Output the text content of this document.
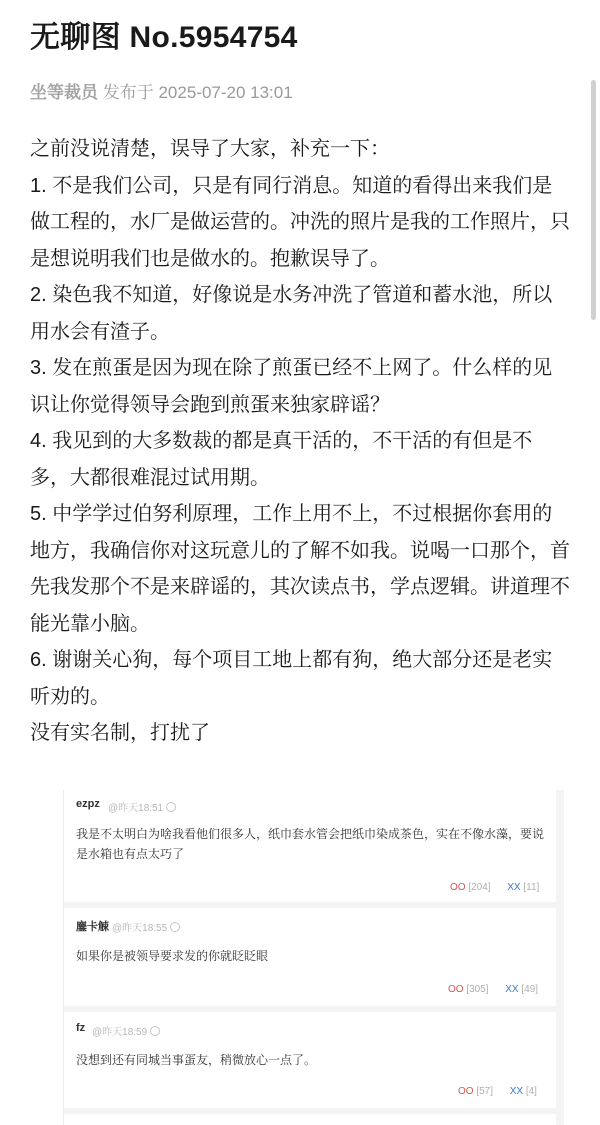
无聊图 No.5954754
坐等裁员 发布于 2025-07-20 13:01

之前没说清楚，误导了大家，补充一下：

1. 不是我们公司，只是有同行消息。知道的看得出来我们是做工程的，水厂是做运营的。冲洗的照片是我的工作照片，只是想说明我们也是做水的。抱歉误导了。

2. 染色我不知道，好像说是水务冲洗了管道和蓄水池，所以用水会有渣子。

3. 发在煎蛋是因为现在除了煎蛋已经不上网了。什么样的见识让你觉得领导会跑到煎蛋来独家辟谣？

4. 我见到的大多数裁的都是真干活的，不干活的有但是不多，大都很难混过试用期。

5. 中学学过伯努利原理，工作上用不上，不过根据你套用的地方，我确信你对这玩意儿的了解不如我。说喝一口那个，首先我发那个不是来辟谣的，其次读点书，学点逻辑。讲道理不能光靠小脑。

6. 谢谢关心狗，每个项目工地上都有狗，绝大部分还是老实听劝的。

没有实名制，打扰了

ezpz @昨天18:51
我是不太明白为啥我看他们很多人，纸巾套水管会把纸巾染成茶色，实在不像水藻，要说是水箱也有点太巧了
OO [204] XX [11]
鏖卡觫 @昨天18:55
如果你是被领导要求发的你就眨眨眼
OO [305] XX [49]
fz @昨天18:59
没想到还有同城当事蛋友，稍微放心一点了。
OO [57] XX [4]
